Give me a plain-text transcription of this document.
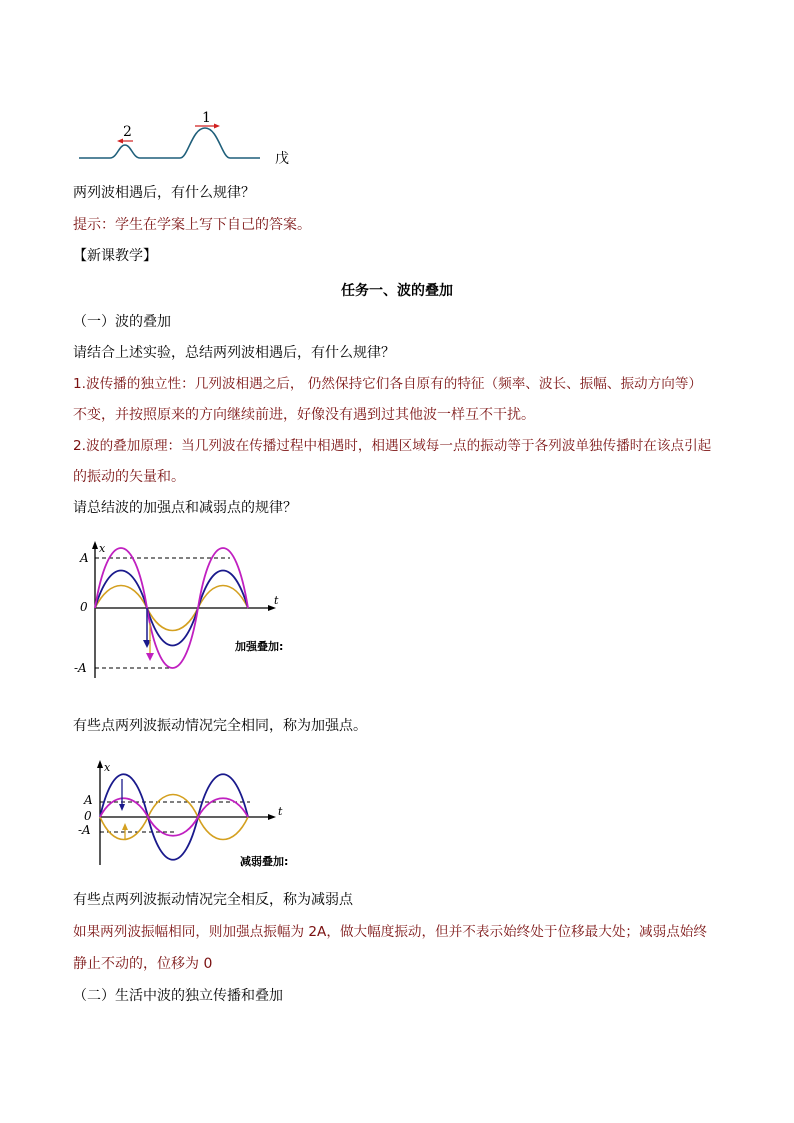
1
2
戊
两列波相遇后，有什么规律？
提示：学生在学案上写下自己的答案。
【新课教学】
任务一、波的叠加
（一）波的叠加
请结合上述实验，总结两列波相遇后，有什么规律？
1.波传播的独立性：几列波相遇之后， 仍然保持它们各自原有的特征（频率、波长、振幅、振动方向等）
不变，并按照原来的方向继续前进，好像没有遇到过其他波一样互不干扰。
2.波的叠加原理：当几列波在传播过程中相遇时，相遇区域每一点的振动等于各列波单独传播时在该点引起
的振动的矢量和。
请总结波的加强点和减弱点的规律？
x
t
A
0
-A
加强叠加:
有些点两列波振动情况完全相同，称为加强点。
x
t
A
0
-A
减弱叠加:
有些点两列波振动情况完全相反，称为减弱点
如果两列波振幅相同，则加强点振幅为 2A，做大幅度振动，但并不表示始终处于位移最大处；减弱点始终
静止不动的，位移为 0
（二）生活中波的独立传播和叠加
